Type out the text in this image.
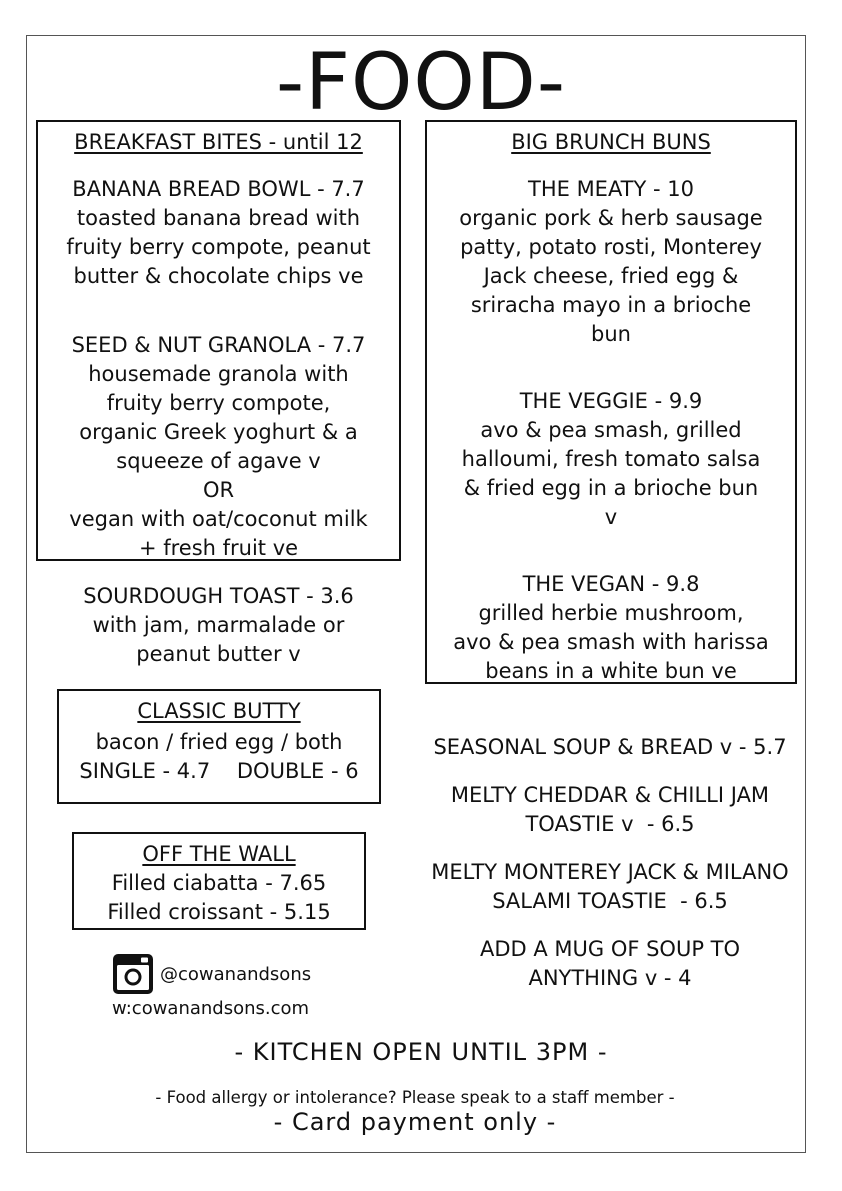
-FOOD-
BREAKFAST BITES - until 12
BANANA BREAD BOWL - 7.7
toasted banana bread with
fruity berry compote, peanut
butter & chocolate chips ve
SEED & NUT GRANOLA - 7.7
housemade granola with
fruity berry compote,
organic Greek yoghurt & a
squeeze of agave v
OR
vegan with oat/coconut milk
+ fresh fruit ve
SOURDOUGH TOAST - 3.6
with jam, marmalade or
peanut butter v
CLASSIC BUTTY
bacon / fried egg / both
SINGLE - 4.7    DOUBLE - 6
OFF THE WALL
Filled ciabatta - 7.65
Filled croissant - 5.15
@cowanandsons
w:cowanandsons.com
BIG BRUNCH BUNS
THE MEATY - 10
organic pork & herb sausage
patty, potato rosti, Monterey
Jack cheese, fried egg &
sriracha mayo in a brioche
bun
THE VEGGIE - 9.9
avo & pea smash, grilled
halloumi, fresh tomato salsa
& fried egg in a brioche bun
v
THE VEGAN - 9.8
grilled herbie mushroom,
avo & pea smash with harissa
beans in a white bun ve
SEASONAL SOUP & BREAD v - 5.7
MELTY CHEDDAR & CHILLI JAM
TOASTIE v  - 6.5
MELTY MONTEREY JACK & MILANO
SALAMI TOASTIE  - 6.5
ADD A MUG OF SOUP TO
ANYTHING v - 4
- KITCHEN OPEN UNTIL 3PM -
- Food allergy or intolerance? Please speak to a staff member -
- Card payment only -
